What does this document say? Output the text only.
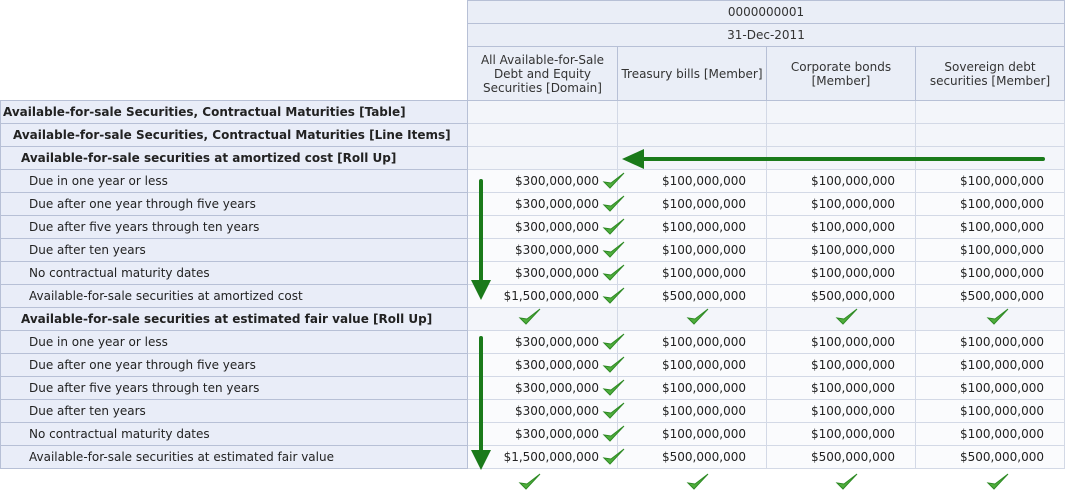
	0000000001			
	31-Dec-2011			
	All Available-for-Sale Debt and Equity Securities [Domain]	Treasury bills [Member]	Corporate bonds [Member]	Sovereign debt securities [Member]
Available-for-sale Securities, Contractual Maturities [Table]				
Available-for-sale Securities, Contractual Maturities [Line Items]				
Available-for-sale securities at amortized cost [Roll Up]				
Due in one year or less	$300,000,000	$100,000,000	$100,000,000	$100,000,000
Due after one year through five years	$300,000,000	$100,000,000	$100,000,000	$100,000,000
Due after five years through ten years	$300,000,000	$100,000,000	$100,000,000	$100,000,000
Due after ten years	$300,000,000	$100,000,000	$100,000,000	$100,000,000
No contractual maturity dates	$300,000,000	$100,000,000	$100,000,000	$100,000,000
Available-for-sale securities at amortized cost	$1,500,000,000	$500,000,000	$500,000,000	$500,000,000
Available-for-sale securities at estimated fair value [Roll Up]				
Due in one year or less	$300,000,000	$100,000,000	$100,000,000	$100,000,000
Due after one year through five years	$300,000,000	$100,000,000	$100,000,000	$100,000,000
Due after five years through ten years	$300,000,000	$100,000,000	$100,000,000	$100,000,000
Due after ten years	$300,000,000	$100,000,000	$100,000,000	$100,000,000
No contractual maturity dates	$300,000,000	$100,000,000	$100,000,000	$100,000,000
Available-for-sale securities at estimated fair value	$1,500,000,000	$500,000,000	$500,000,000	$500,000,000
